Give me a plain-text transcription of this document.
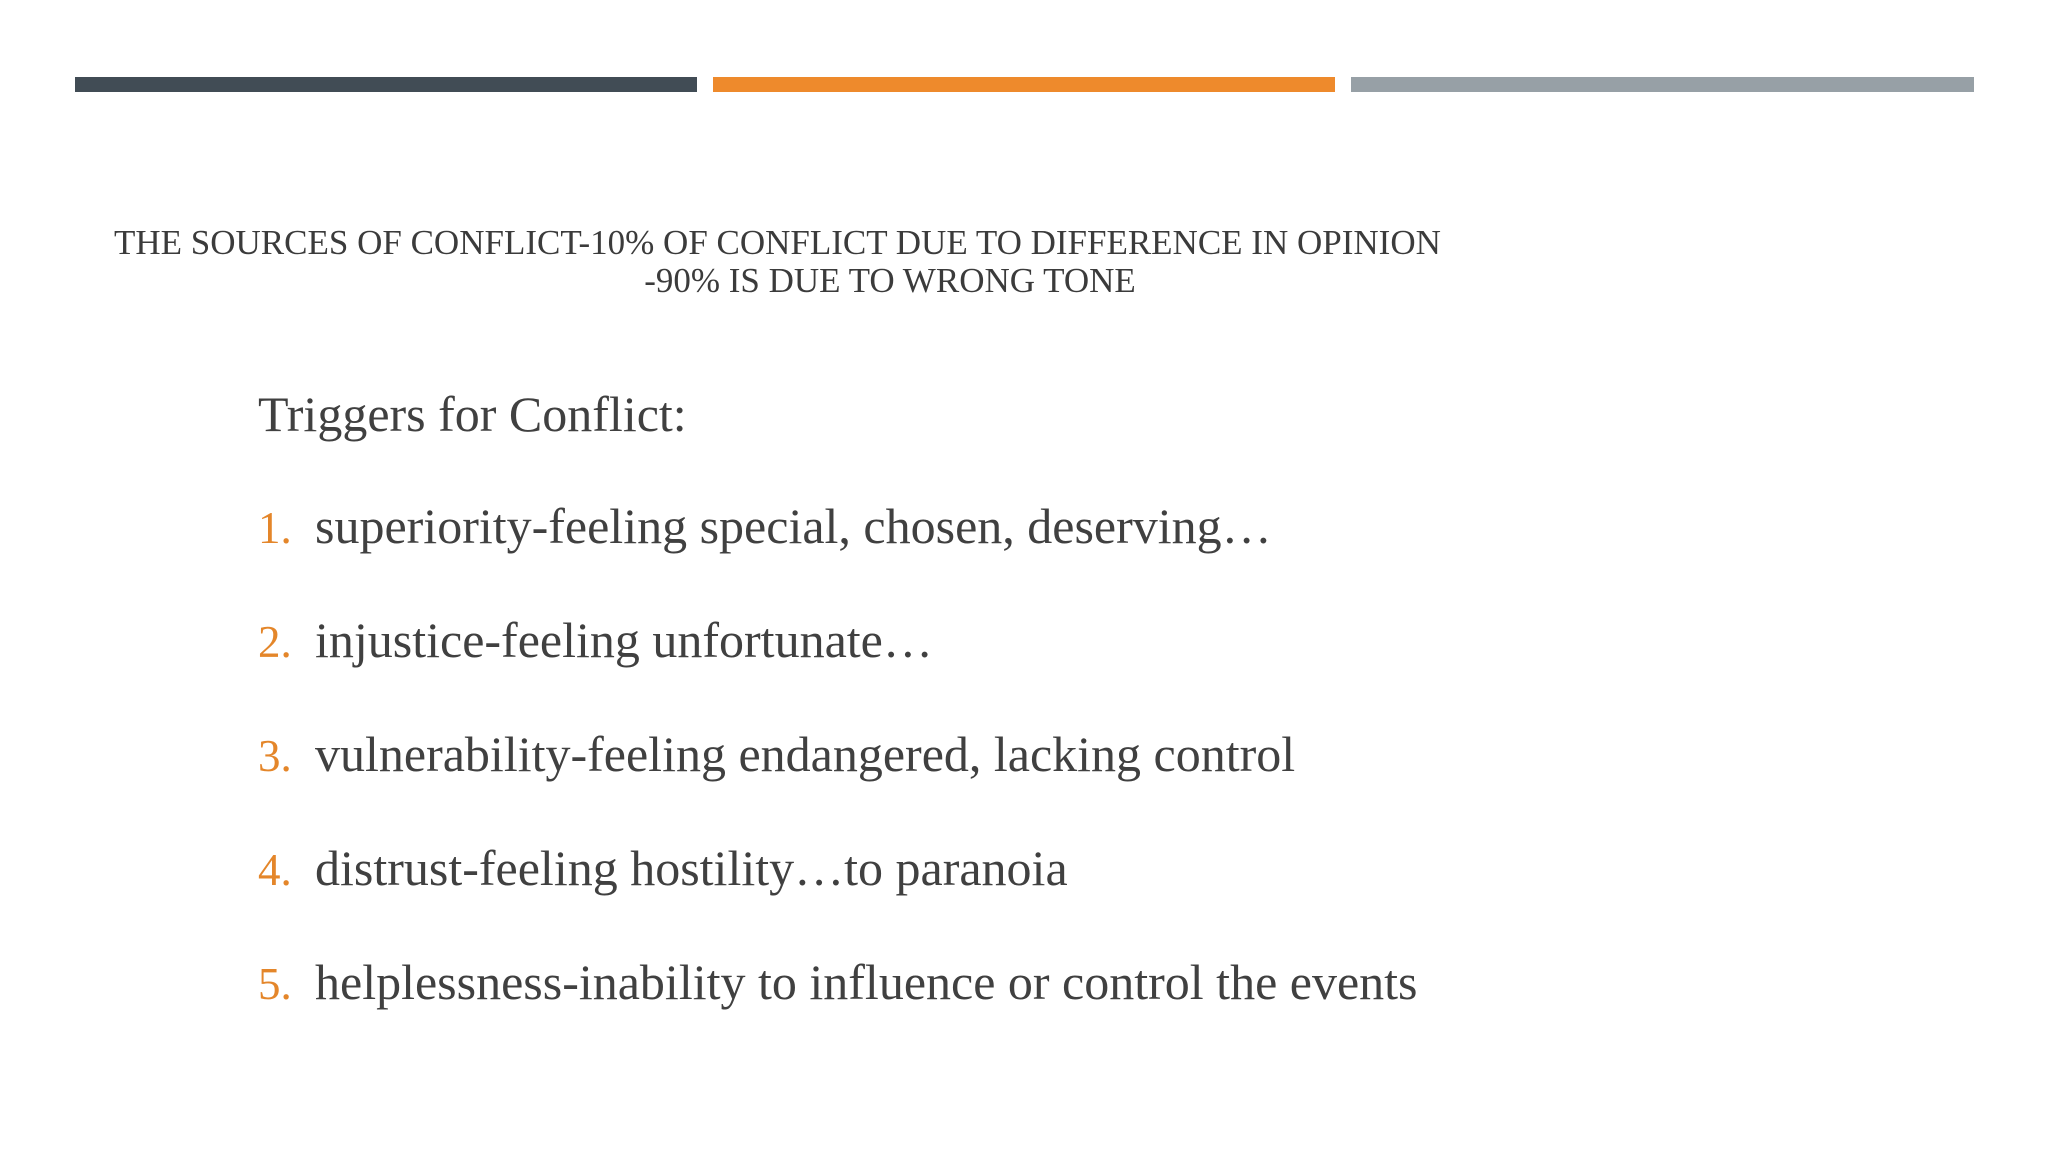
THE SOURCES OF CONFLICT-10% OF CONFLICT DUE TO DIFFERENCE IN OPINION
-90% IS DUE TO WRONG TONE
Triggers for Conflict:
1. superiority-feeling special, chosen, deserving…
2. injustice-feeling unfortunate…
3. vulnerability-feeling endangered, lacking control
4. distrust-feeling hostility…to paranoia
5. helplessness-inability to influence or control the events
